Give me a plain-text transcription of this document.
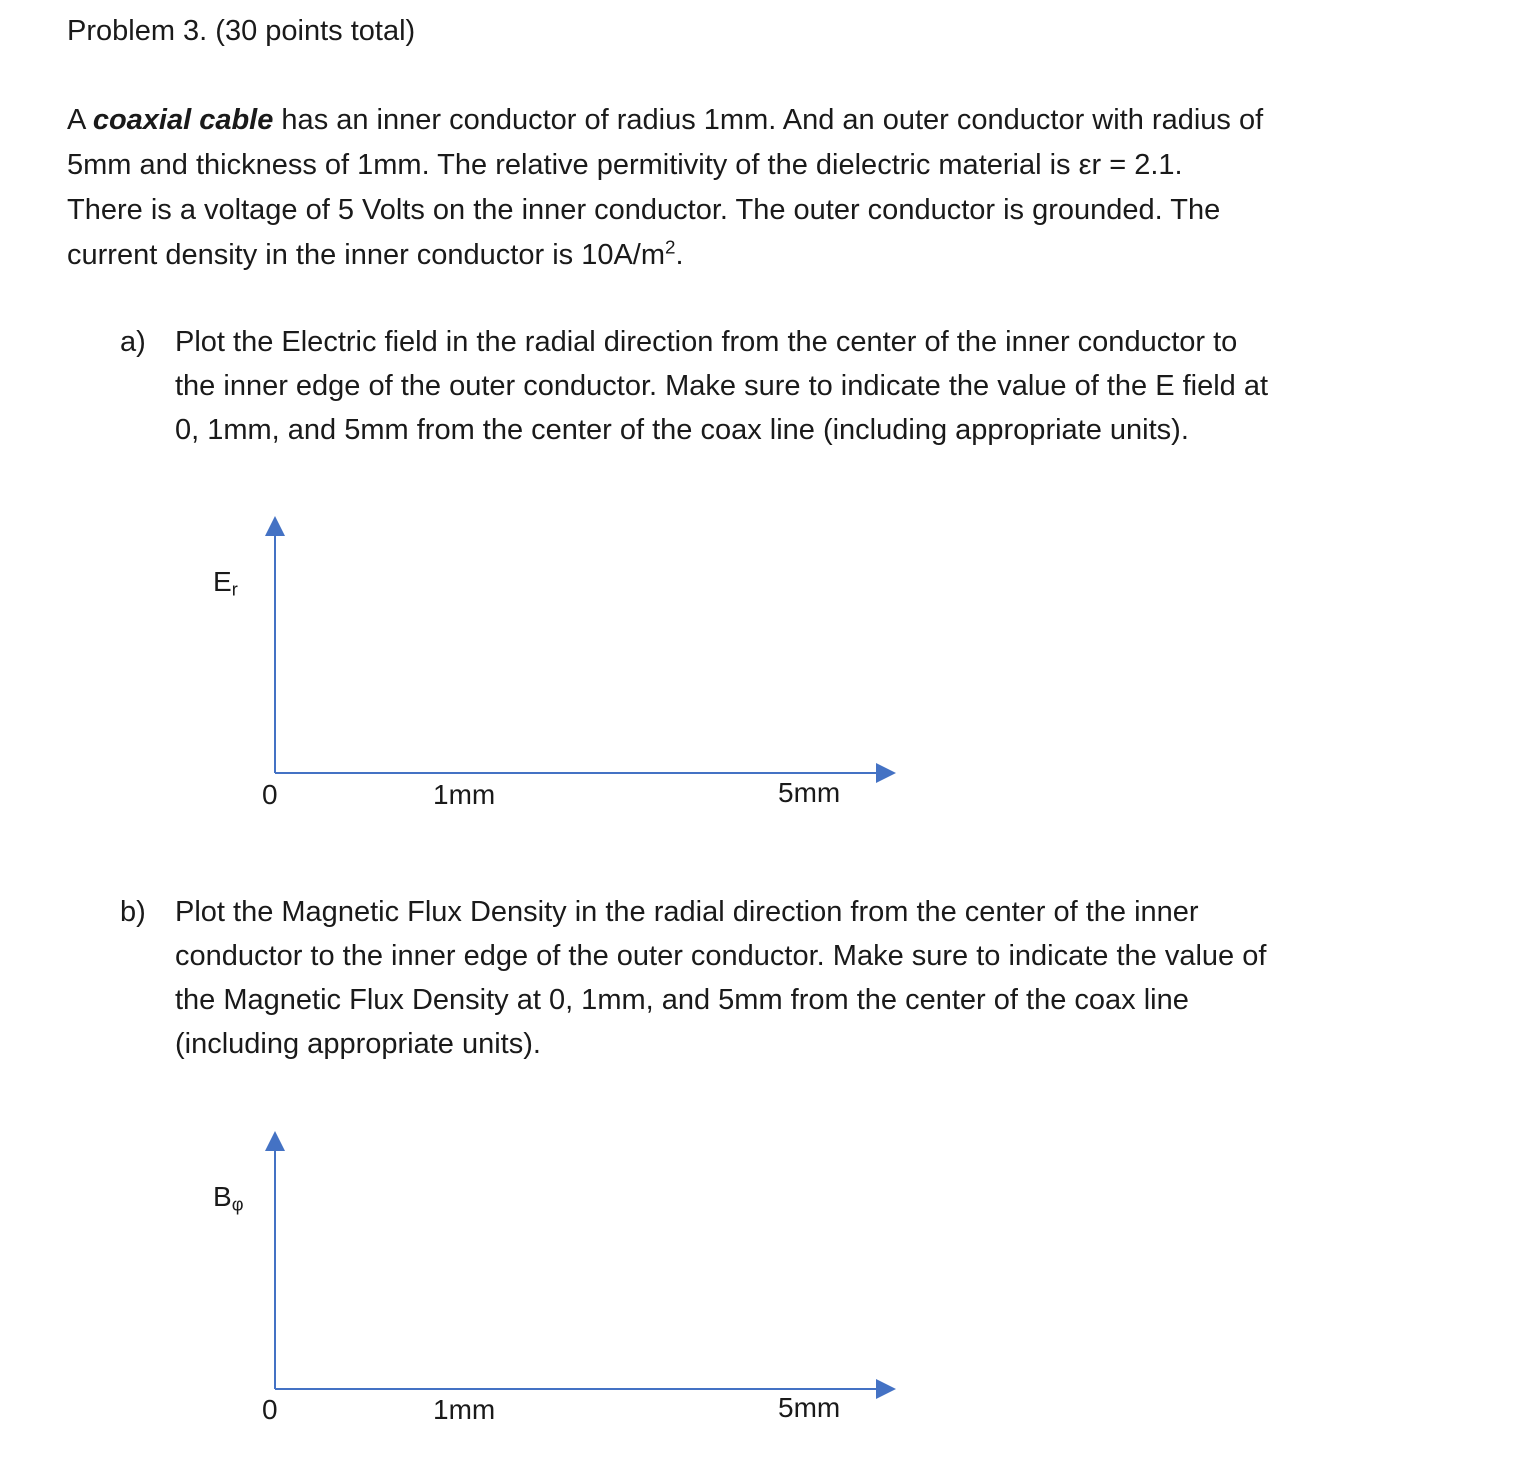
Problem 3. (30 points total)
A coaxial cable has an inner conductor of radius 1mm. And an outer conductor with radius of
5mm and thickness of 1mm. The relative permitivity of the dielectric material is εr = 2.1.
There is a voltage of 5 Volts on the inner conductor. The outer conductor is grounded. The
current density in the inner conductor is $10A/m^2$.
a) Plot the Electric field in the radial direction from the center of the inner conductor to
the inner edge of the outer conductor. Make sure to indicate the value of the E field at
0, 1mm, and 5mm from the center of the coax line (including appropriate units).
$E_r$
0	1mm	5mm
b) Plot the Magnetic Flux Density in the radial direction from the center of the inner
conductor to the inner edge of the outer conductor. Make sure to indicate the value of
the Magnetic Flux Density at 0, 1mm, and 5mm from the center of the coax line
(including appropriate units).
$B_\varphi$
0	1mm	5mm
